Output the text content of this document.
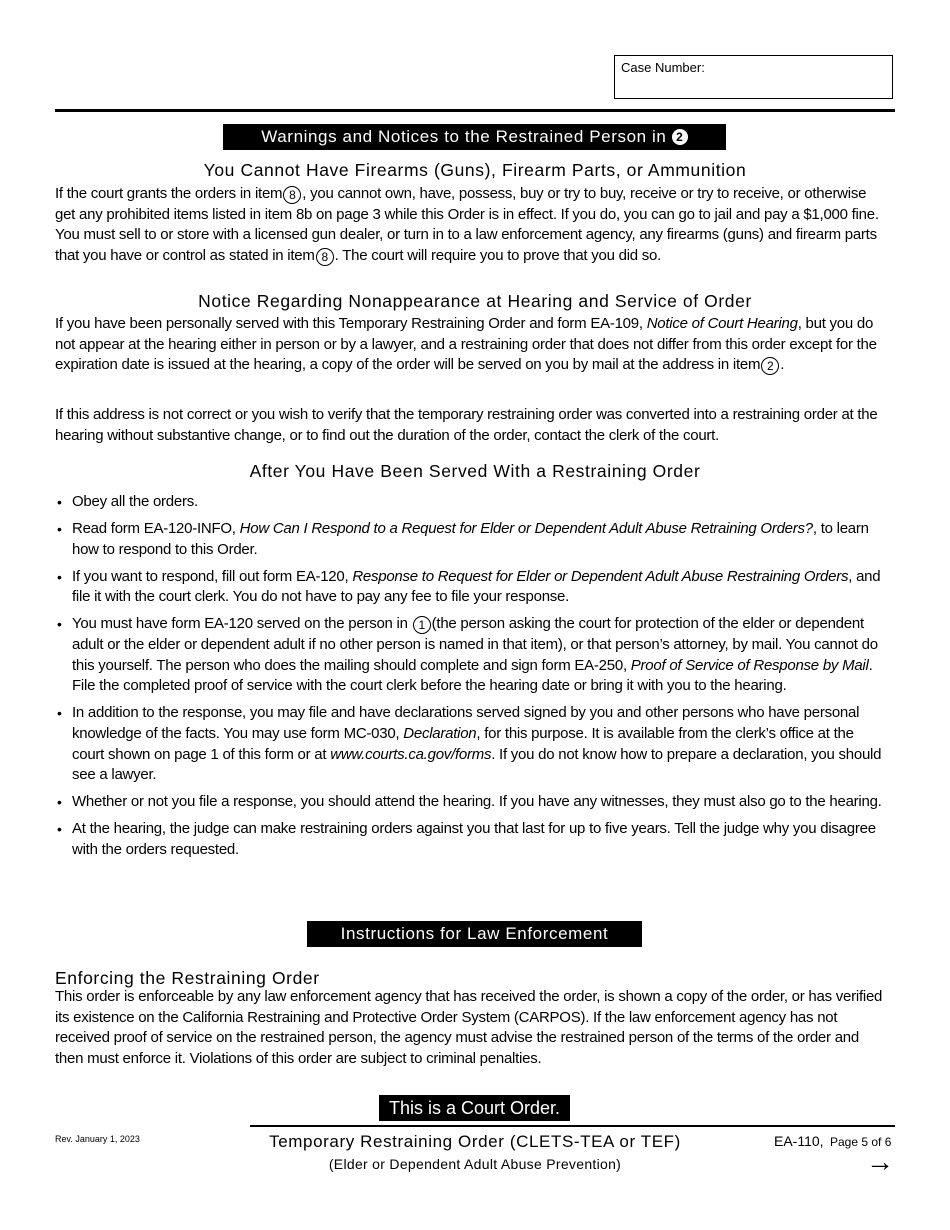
Case Number:
Warnings and Notices to the Restrained Person in 2
You Cannot Have Firearms (Guns), Firearm Parts, or Ammunition
If the court grants the orders in item 8 , you cannot own, have, possess, buy or try to buy, receive or try to receive, or otherwise get any prohibited items listed in item 8b on page 3 while this Order is in effect. If you do, you can go to jail and pay a $1,000 fine. You must sell to or store with a licensed gun dealer, or turn in to a law enforcement agency, any firearms (guns) and firearm parts that you have or control as stated in item 8 . The court will require you to prove that you did so.
Notice Regarding Nonappearance at Hearing and Service of Order
If you have been personally served with this Temporary Restraining Order and form EA-109, Notice of Court Hearing, but you do not appear at the hearing either in person or by a lawyer, and a restraining order that does not differ from this order except for the expiration date is issued at the hearing, a copy of the order will be served on you by mail at the address in item 2 .
If this address is not correct or you wish to verify that the temporary restraining order was converted into a restraining order at the hearing without substantive change, or to find out the duration of the order, contact the clerk of the court.
After You Have Been Served With a Restraining Order
• Obey all the orders.
• Read form EA-120-INFO, How Can I Respond to a Request for Elder or Dependent Adult Abuse Retraining Orders?, to learn how to respond to this Order.
• If you want to respond, fill out form EA-120, Response to Request for Elder or Dependent Adult Abuse Restraining Orders, and file it with the court clerk. You do not have to pay any fee to file your response.
• You must have form EA-120 served on the person in 1 (the person asking the court for protection of the elder or dependent adult or the elder or dependent adult if no other person is named in that item), or that person’s attorney, by mail. You cannot do this yourself. The person who does the mailing should complete and sign form EA-250, Proof of Service of Response by Mail. File the completed proof of service with the court clerk before the hearing date or bring it with you to the hearing.
• In addition to the response, you may file and have declarations served signed by you and other persons who have personal knowledge of the facts. You may use form MC-030, Declaration, for this purpose. It is available from the clerk’s office at the court shown on page 1 of this form or at www.courts.ca.gov/forms. If you do not know how to prepare a declaration, you should see a lawyer.
• Whether or not you file a response, you should attend the hearing. If you have any witnesses, they must also go to the hearing.
• At the hearing, the judge can make restraining orders against you that last for up to five years. Tell the judge why you disagree with the orders requested.
Instructions for Law Enforcement
Enforcing the Restraining Order
This order is enforceable by any law enforcement agency that has received the order, is shown a copy of the order, or has verified its existence on the California Restraining and Protective Order System (CARPOS). If the law enforcement agency has not received proof of service on the restrained person, the agency must advise the restrained person of the terms of the order and then must enforce it. Violations of this order are subject to criminal penalties.
This is a Court Order.
Rev. January 1, 2023	Temporary Restraining Order (CLETS-TEA or TEF)
(Elder or Dependent Adult Abuse Prevention)
EA-110, Page 5 of 6
→
